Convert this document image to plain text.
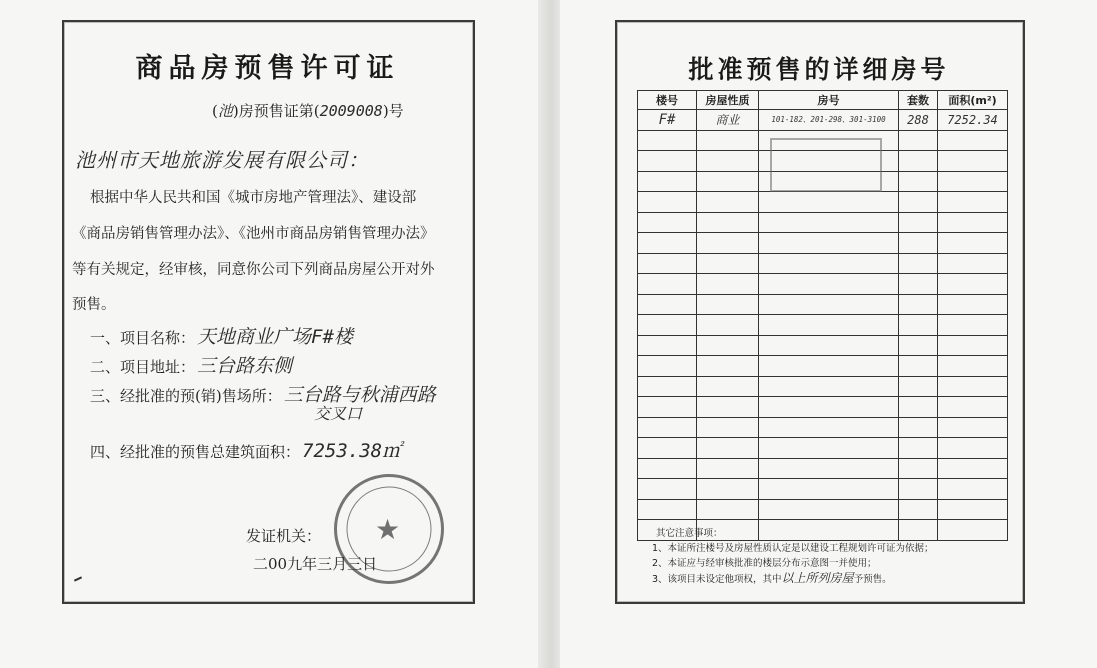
商品房预售许可证
(池)房预售证第(2009008)号
池州市天地旅游发展有限公司：
根据中华人民共和国《城市房地产管理法》、建设部
《商品房销售管理办法》、《池州市商品房销售管理办法》
等有关规定，经审核，同意你公司下列商品房屋公开对外
预售。
一、项目名称： 天地商业广场F#楼
二、项目地址： 三台路东侧
三、经批准的预(销)售场所： 三台路与秋浦西路
交叉口
四、经批准的预售总建筑面积： 7253.38㎡
★
发证机关：
二00九年三月三日
批准预售的详细房号
楼号	房屋性质	房号	套数	面积(m²)
F#	商业	101-182、201-298、301-3100	288	7252.34

其它注意事项：
1、本证所注楼号及房屋性质认定是以建设工程规划许可证为依据；
2、本证应与经审核批准的楼层分布示意图一并使用；
3、该项目未设定他项权，其中以上所列房屋予预售。
